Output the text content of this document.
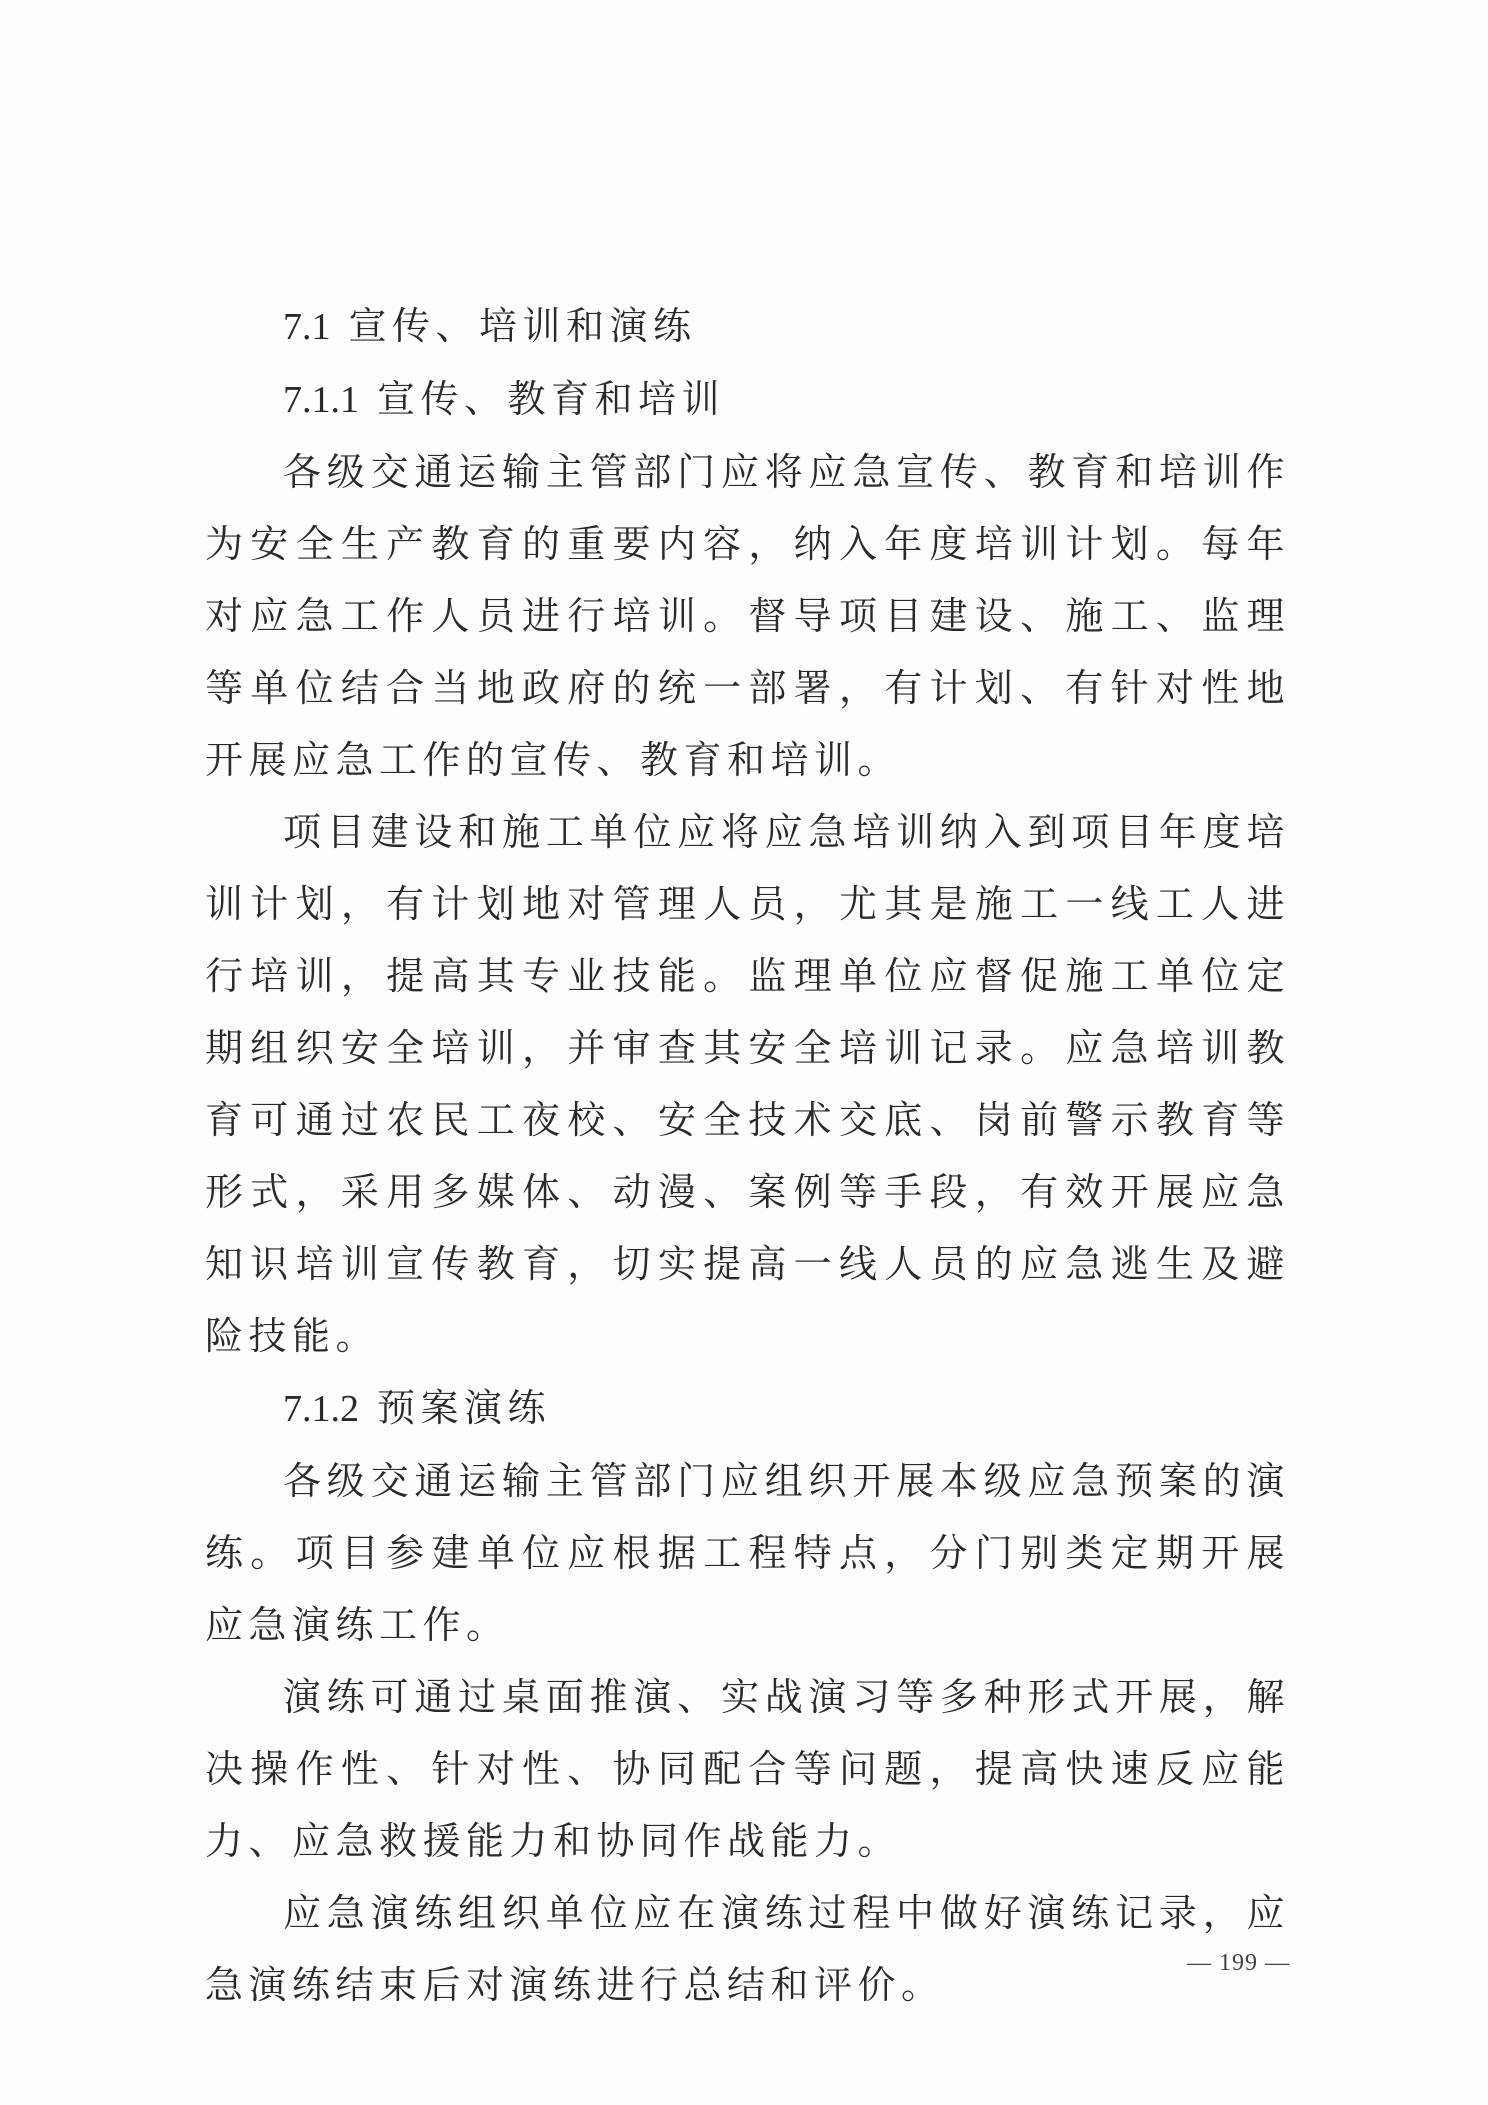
7.1 宣传、培训和演练
7.1.1 宣传、教育和培训

各级交通运输主管部门应将应急宣传、教育和培训作为安全生产教育的重要内容，纳入年度培训计划。每年对应急工作人员进行培训。督导项目建设、施工、监理等单位结合当地政府的统一部署，有计划、有针对性地开展应急工作的宣传、教育和培训。

项目建设和施工单位应将应急培训纳入到项目年度培训计划，有计划地对管理人员，尤其是施工一线工人进行培训，提高其专业技能。监理单位应督促施工单位定期组织安全培训，并审查其安全培训记录。应急培训教育可通过农民工夜校、安全技术交底、岗前警示教育等形式，采用多媒体、动漫、案例等手段，有效开展应急知识培训宣传教育，切实提高一线人员的应急逃生及避险技能。

7.1.2 预案演练

各级交通运输主管部门应组织开展本级应急预案的演练。项目参建单位应根据工程特点，分门别类定期开展应急演练工作。

演练可通过桌面推演、实战演习等多种形式开展，解决操作性、针对性、协同配合等问题，提高快速反应能力、应急救援能力和协同作战能力。

应急演练组织单位应在演练过程中做好演练记录，应急演练结束后对演练进行总结和评价。	— 199 —
